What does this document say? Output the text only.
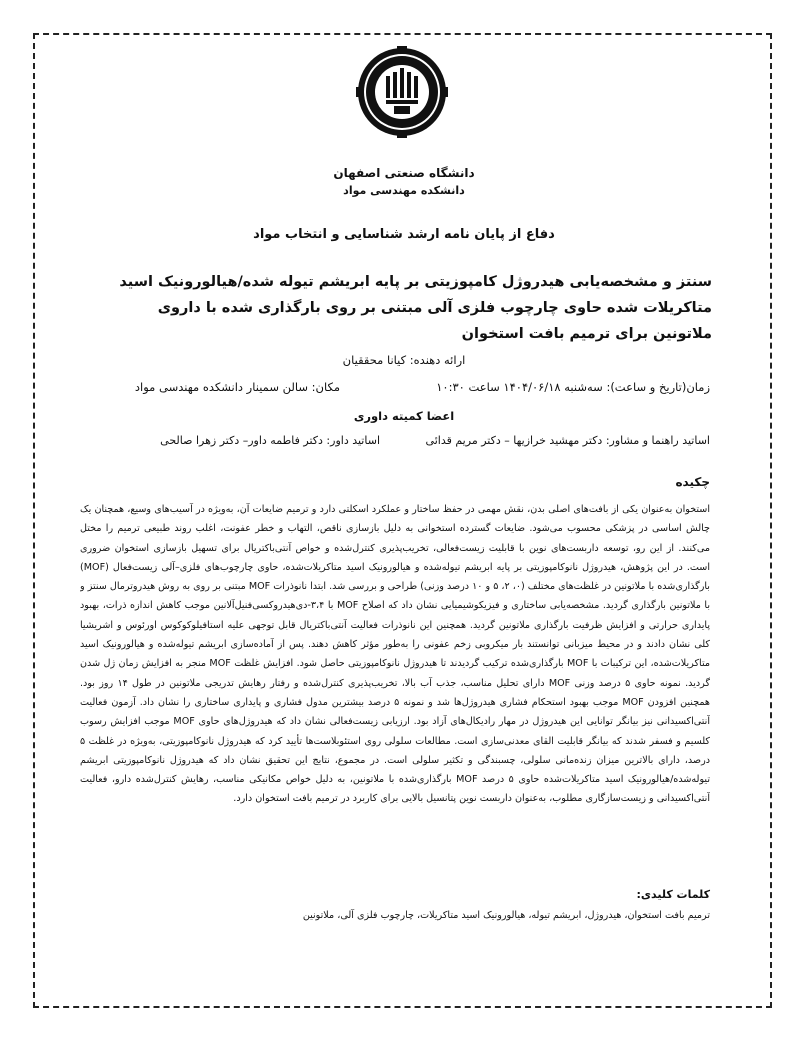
دانشگاه صنعتی اصفهان
دانشکده مهندسی مواد
دفاع از پایان نامه ارشد شناسایی و انتخاب مواد
سنتز و مشخصه‌یابی هیدروژل کامپوزیتی بر پایه ابریشم تیوله شده/هیالورونیک اسید متاکریلات شده حاوی چارچوب فلزی آلی مبتنی بر روی بارگذاری شده با داروی ملاتونین برای ترمیم بافت استخوان
ارائه دهنده: کیانا محققیان
زمان(تاریخ و ساعت): سه‌شنبه ۱۴۰۴/۰۶/۱۸ ساعت ۱۰:۳۰
مکان: سالن سمینار دانشکده مهندسی مواد
اعضا کمیته داوری
اساتید راهنما و مشاور: دکتر مهشید خرازیها – دکتر مریم قدائی
اساتید داور: دکتر فاطمه داور– دکتر زهرا صالحی
چکیده
استخوان به‌عنوان یکی از بافت‌های اصلی بدن، نقش مهمی در حفظ ساختار و عملکرد اسکلتی دارد و ترمیم ضایعات آن، به‌ویژه در آسیب‌های وسیع، همچنان یک چالش اساسی در پزشکی محسوب می‌شود. ضایعات گسترده استخوانی به دلیل بازسازی ناقص، التهاب و خطر عفونت، اغلب روند طبیعی ترمیم را مختل می‌کنند. از این رو، توسعه داربست‌های نوین با قابلیت زیست‌فعالی، تخریب‌پذیری کنترل‌شده و خواص آنتی‌باکتریال برای تسهیل بازسازی استخوان ضروری است. در این پژوهش، هیدروژل نانوکامپوزیتی بر پایه ابریشم تیوله‌شده و هیالورونیک اسید متاکریلات‌شده، حاوی چارچوب‌های فلزی–آلی زیست‌فعال (MOF) بارگذاری‌شده با ملاتونین در غلظت‌های مختلف (۰، ۲، ۵ و ۱۰ درصد وزنی) طراحی و بررسی شد. ابتدا نانوذرات MOF مبتنی بر روی به روش هیدروترمال سنتز و با ملاتونین بارگذاری گردید. مشخصه‌یابی ساختاری و فیزیکوشیمیایی نشان داد که اصلاح MOF با ۳،۴-دی‌هیدروکسی‌فنیل‌آلانین موجب کاهش اندازه ذرات، بهبود پایداری حرارتی و افزایش ظرفیت بارگذاری ملاتونین گردید. همچنین این نانوذرات فعالیت آنتی‌باکتریال قابل توجهی علیه استافیلوکوکوس اورئوس و اشریشیا کلی نشان دادند و در محیط میزبانی توانستند بار میکروبی زخم عفونی را به‌طور مؤثر کاهش دهند. پس از آماده‌سازی ابریشم تیوله‌شده و هیالورونیک اسید متاکریلات‌شده، این ترکیبات با MOF بارگذاری‌شده ترکیب گردیدند تا هیدروژل نانوکامپوزیتی حاصل شود. افزایش غلظت MOF منجر به افزایش زمان ژل شدن گردید. نمونه حاوی ۵ درصد وزنی MOF دارای تحلیل مناسب، جذب آب بالا، تخریب‌پذیری کنترل‌شده و رفتار رهایش تدریجی ملاتونین در طول ۱۴ روز بود. همچنین افزودن MOF موجب بهبود استحکام فشاری هیدروژل‌ها شد و نمونه ۵ درصد بیشترین مدول فشاری و پایداری ساختاری را نشان داد. آزمون فعالیت آنتی‌اکسیدانی نیز بیانگر توانایی این هیدروژل در مهار رادیکال‌های آزاد بود. ارزیابی زیست‌فعالی نشان داد که هیدروژل‌های حاوی MOF موجب افزایش رسوب کلسیم و فسفر شدند که بیانگر قابلیت القای معدنی‌سازی است. مطالعات سلولی روی استئوبلاست‌ها تأیید کرد که هیدروژل نانوکامپوزیتی، به‌ویژه در غلظت ۵ درصد، دارای بالاترین میزان زنده‌مانی سلولی، چسبندگی و تکثیر سلولی است. در مجموع، نتایج این تحقیق نشان داد که هیدروژل نانوکامپوزیتی ابریشم تیوله‌شده/هیالورونیک اسید متاکریلات‌شده حاوی ۵ درصد MOF بارگذاری‌شده با ملاتونین، به دلیل خواص مکانیکی مناسب، رهایش کنترل‌شده دارو، فعالیت آنتی‌اکسیدانی و زیست‌سازگاری مطلوب، به‌عنوان داربست نوین پتانسیل بالایی برای کاربرد در ترمیم بافت استخوان دارد.
کلمات کلیدی:
ترمیم بافت استخوان، هیدروژل، ابریشم تیوله، هیالورونیک اسید متاکریلات، چارچوب فلزی آلی، ملاتونین
